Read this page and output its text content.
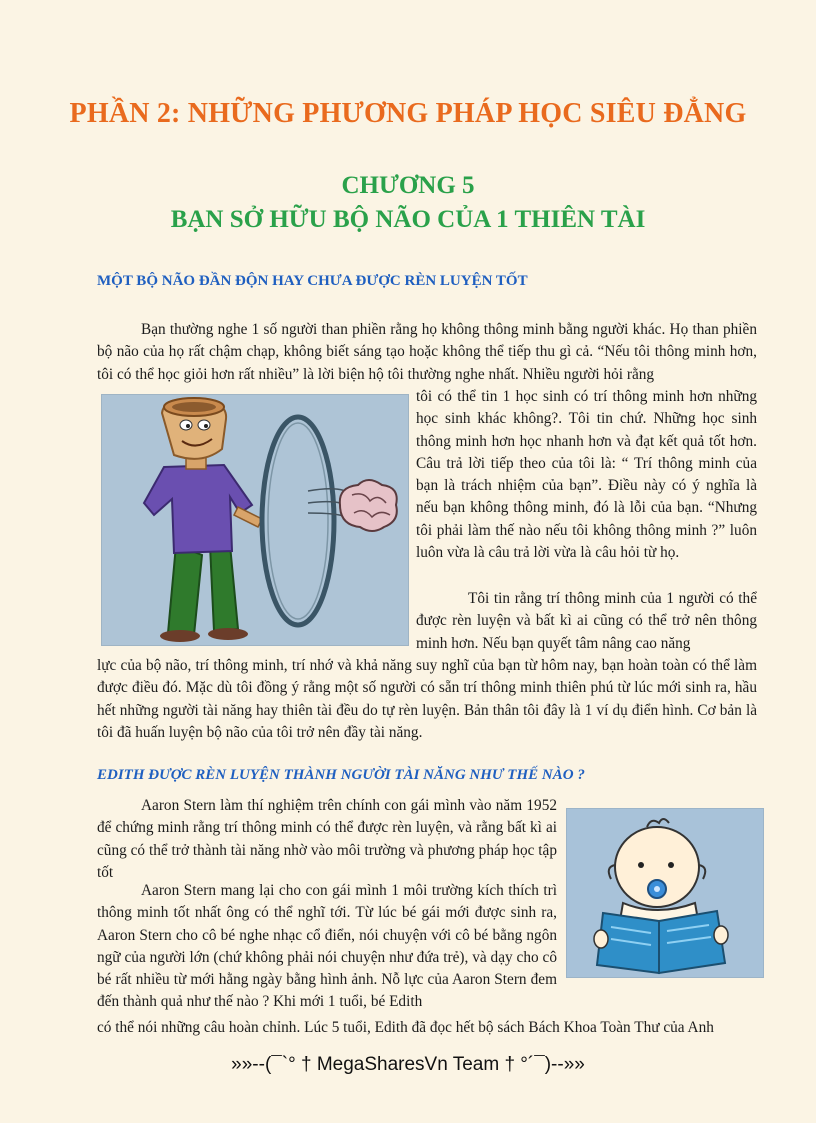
PHẦN 2: NHỮNG PHƯƠNG PHÁP HỌC SIÊU ĐẲNG
CHƯƠNG 5
BẠN SỞ HỮU BỘ NÃO CỦA 1 THIÊN TÀI
MỘT BỘ NÃO ĐẦN ĐỘN HAY CHƯA ĐƯỢC RÈN LUYỆN TỐT

Bạn thường nghe 1 số người than phiền rằng họ không thông minh bằng người khác. Họ than phiền bộ não của họ rất chậm chạp, không biết sáng tạo hoặc không thể tiếp thu gì cả. “Nếu tôi thông minh hơn, tôi có thể học giỏi hơn rất nhiều” là lời biện hộ tôi thường nghe nhất. Nhiều người hỏi rằng

tôi có thể tin 1 học sinh có trí thông minh hơn những học sinh khác không?. Tôi tin chứ. Những học sinh thông minh hơn học nhanh hơn và đạt kết quả tốt hơn. Câu trả lời tiếp theo của tôi là: “ Trí thông minh của bạn là trách nhiệm của bạn”. Điều này có ý nghĩa là nếu bạn không thông minh, đó là lỗi của bạn. “Nhưng tôi phải làm thế nào nếu tôi không thông minh ?” luôn luôn vừa là câu trả lời vừa là câu hỏi từ họ.

Tôi tin rằng trí thông minh của 1 người có thể được rèn luyện và bất kì ai cũng có thể trở nên thông minh hơn. Nếu bạn quyết tâm nâng cao năng

lực của bộ não, trí thông minh, trí nhớ và khả năng suy nghĩ của bạn từ hôm nay, bạn hoàn toàn có thể làm được điều đó. Mặc dù tôi đồng ý rằng một số người có sẵn trí thông minh thiên phú từ lúc mới sinh ra, hầu hết những người tài năng hay thiên tài đều do tự rèn luyện. Bản thân tôi đây là 1 ví dụ điển hình. Cơ bản là tôi đã huấn luyện bộ não của tôi trở nên đầy tài năng.

EDITH ĐƯỢC RÈN LUYỆN THÀNH NGƯỜI TÀI NĂNG NHƯ THẾ NÀO ?

Aaron Stern làm thí nghiệm trên chính con gái mình vào năm 1952 để chứng minh rằng trí thông minh có thể được rèn luyện, và rằng bất kì ai cũng có thể trở thành tài năng nhờ vào môi trường và phương pháp học tập tốt

Aaron Stern mang lại cho con gái mình 1 môi trường kích thích trì thông minh tốt nhất ông có thể nghĩ tới. Từ lúc bé gái mới được sinh ra, Aaron Stern cho cô bé nghe nhạc cổ điển, nói chuyện với cô bé bằng ngôn ngữ của người lớn (chứ không phải nói chuyện như đứa trẻ), và dạy cho cô bé rất nhiều từ mới hằng ngày bằng hình ảnh. Nỗ lực của Aaron Stern đem đến thành quả như thế nào ? Khi mới 1 tuổi, bé Edith

có thể nói những câu hoàn chỉnh. Lúc 5 tuổi, Edith đã đọc hết bộ sách Bách Khoa Toàn Thư của Anh

»»--(¯`° † MegaSharesVn Team † °´¯)--»»
